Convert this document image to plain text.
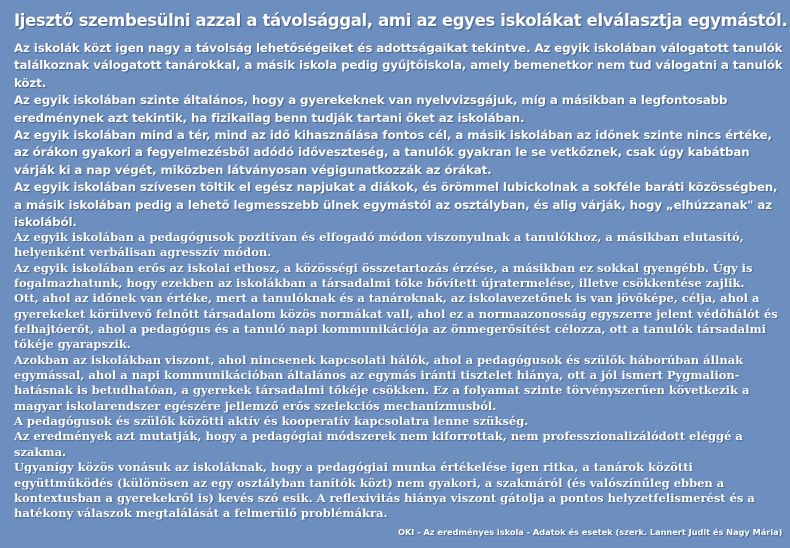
Ijesztő szembesülni azzal a távolsággal, ami az egyes iskolákat elválasztja egymástól.

Az iskolák közt igen nagy a távolság lehetőségeiket és adottságaikat tekintve. Az egyik iskolában válogatott tanulók találkoznak válogatott tanárokkal, a másik iskola pedig gyűjtőiskola, amely bemenetkor nem tud válogatni a tanulók közt.

Az egyik iskolában szinte általános, hogy a gyerekeknek van nyelvvizsgájuk, míg a másikban a legfontosabb eredménynek azt tekintik, ha fizikailag benn tudják tartani őket az iskolában.

Az egyik iskolában mind a tér, mind az idő kihasználása fontos cél, a másik iskolában az időnek szinte nincs értéke, az órákon gyakori a fegyelmezésből adódó időveszteség, a tanulók gyakran le se vetkőznek, csak úgy kabátban várják ki a nap végét, miközben látványosan végigunatkozzák az órákat.

Az egyik iskolában szívesen töltik el egész napjukat a diákok, és örömmel lubickolnak a sokféle baráti közösségben, a másik iskolában pedig a lehető legmesszebb ülnek egymástól az osztályban, és alig várják, hogy „elhúzzanak" az iskolából.

Az egyik iskolában a pedagógusok pozitívan és elfogadó módon viszonyulnak a tanulókhoz, a másikban elutasító, helyenként verbálisan agresszív módon.

Az egyik iskolában erős az iskolai ethosz, a közösségi összetartozás érzése, a másikban ez sokkal gyengébb. Úgy is fogalmazhatunk, hogy ezekben az iskolákban a társadalmi tőke bővített újratermelése, illetve csökkentése zajlik.

Ott, ahol az időnek van értéke, mert a tanulóknak és a tanároknak, az iskolavezetőnek is van jövőképe, célja, ahol a gyerekeket körülvevő felnőtt társadalom közös normákat vall, ahol ez a normaazonosság egyszerre jelent védőhálót és felhajtóerőt, ahol a pedagógus és a tanuló napi kommunikációja az önmegerősítést célozza, ott a tanulók társadalmi tőkéje gyarapszik.

Azokban az iskolákban viszont, ahol nincsenek kapcsolati hálók, ahol a pedagógusok és szülők háborúban állnak egymással, ahol a napi kommunikációban általános az egymás iránti tisztelet hiánya, ott a jól ismert Pygmalion-hatásnak is betudhatóan, a gyerekek társadalmi tőkéje csökken. Ez a folyamat szinte törvényszerűen következik a magyar iskolarendszer egészére jellemző erős szelekciós mechanizmusból.

A pedagógusok és szülők közötti aktív és kooperatív kapcsolatra lenne szükség.

Az eredmények azt mutatják, hogy a pedagógiai módszerek nem kiforrottak, nem professzionalizálódott eléggé a szakma.

Ugyanígy közös vonásuk az iskoláknak, hogy a pedagógiai munka értékelése igen ritka, a tanárok közötti együttműködés (különösen az egy osztályban tanítók közt) nem gyakori, a szakmáról (és valószínűleg ebben a kontextusban a gyerekekről is) kevés szó esik. A reflexivitás hiánya viszont gátolja a pontos helyzetfelismerést és a hatékony válaszok megtalálását a felmerülő problémákra.

OKI - Az eredményes iskola - Adatok és esetek (szerk. Lannert Judit és Nagy Mária)
